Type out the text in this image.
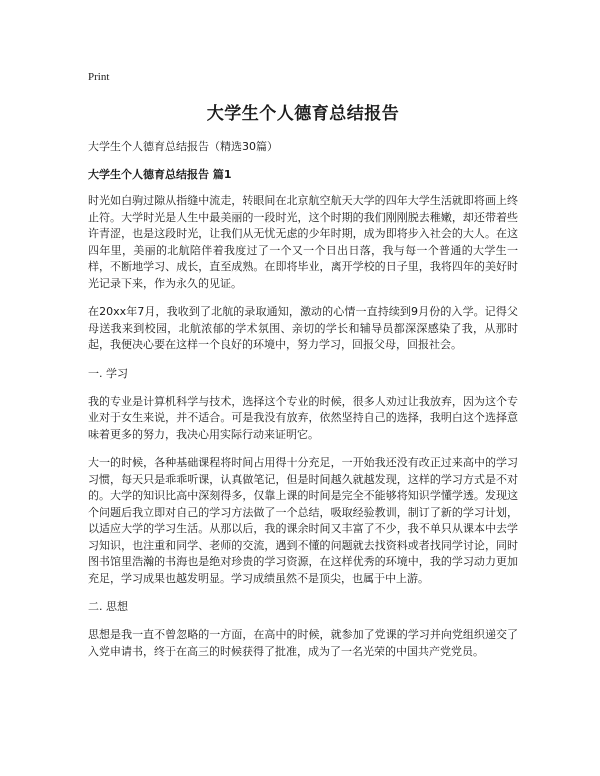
Print
大学生个人德育总结报告
大学生个人德育总结报告（精选30篇）
大学生个人德育总结报告 篇1

时光如白驹过隙从指缝中流走，转眼间在北京航空航天大学的四年大学生活就即将画上终止符。大学时光是人生中最美丽的一段时光，这个时期的我们刚刚脱去稚嫩，却还带着些许青涩，也是这段时光，让我们从无忧无虑的少年时期，成为即将步入社会的大人。在这四年里，美丽的北航陪伴着我度过了一个又一个日出日落，我与每一个普通的大学生一样，不断地学习、成长，直至成熟。在即将毕业，离开学校的日子里，我将四年的美好时光记录下来，作为永久的见证。

在20xx年7月，我收到了北航的录取通知，激动的心情一直持续到9月份的入学。记得父母送我来到校园，北航浓郁的学术氛围、亲切的学长和辅导员都深深感染了我，从那时起，我便决心要在这样一个良好的环境中，努力学习，回报父母，回报社会。

一. 学习

我的专业是计算机科学与技术，选择这个专业的时候，很多人劝过让我放弃，因为这个专业对于女生来说，并不适合。可是我没有放弃，依然坚持自己的选择，我明白这个选择意味着更多的努力，我决心用实际行动来证明它。

大一的时候，各种基础课程将时间占用得十分充足，一开始我还没有改正过来高中的学习习惯，每天只是乖乖听课，认真做笔记，但是时间越久就越发现，这样的学习方式是不对的。大学的知识比高中深刻得多，仅靠上课的时间是完全不能够将知识学懂学透。发现这个问题后我立即对自己的学习方法做了一个总结，吸取经验教训，制订了新的学习计划，以适应大学的学习生活。从那以后，我的课余时间又丰富了不少，我不单只从课本中去学习知识，也注重和同学、老师的交流，遇到不懂的问题就去找资料或者找同学讨论，同时图书馆里浩瀚的书海也是绝对珍贵的学习资源，在这样优秀的环境中，我的学习动力更加充足，学习成果也越发明显。学习成绩虽然不是顶尖，也属于中上游。

二. 思想

思想是我一直不曾忽略的一方面，在高中的时候，就参加了党课的学习并向党组织递交了入党申请书，终于在高三的时候获得了批准，成为了一名光荣的中国共产党党员。
